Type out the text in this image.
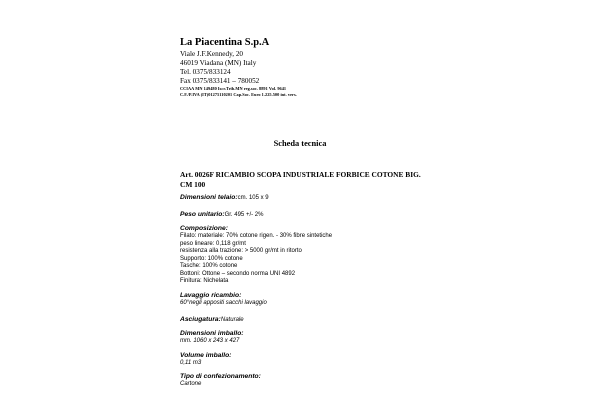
La Piacentina S.p.A
Viale J.F.Kennedy, 20
46019 Viadana (MN) Italy
Tel. 0375/833124
Fax 0375/833141 – 780052
CCIAA MN 149480 Iscr.Trib.MN reg.soc. 8891 Vol. 9641
C.F./P.IVA (IT)01275110201 Cap.Soc. Euro 1.225.500 int. vers.
Scheda tecnica
Art. 0026F RICAMBIO SCOPA INDUSTRIALE FORBICE COTONE BIG.
CM 100
Dimensioni telaio:cm. 105 x 9
Peso unitario:Gr. 495 +/- 2%
Composizione:
Filato: materiale: 70% cotone rigen. - 30% fibre sintetiche
peso lineare: 0,118 gr/mt
resistenza alla trazione: > 5000 gr/mt in ritorto
Supporto: 100% cotone
Tasche: 100% cotone
Bottoni: Ottone – secondo norma UNI 4892
Finitura: Nichelata
Lavaggio ricambio:
60°negli appositi sacchi lavaggio
Asciugatura:Naturale
Dimensioni imballo:
mm. 1060 x 243 x 427
Volume imballo:
0,11 m3
Tipo di confezionamento:
Cartone
